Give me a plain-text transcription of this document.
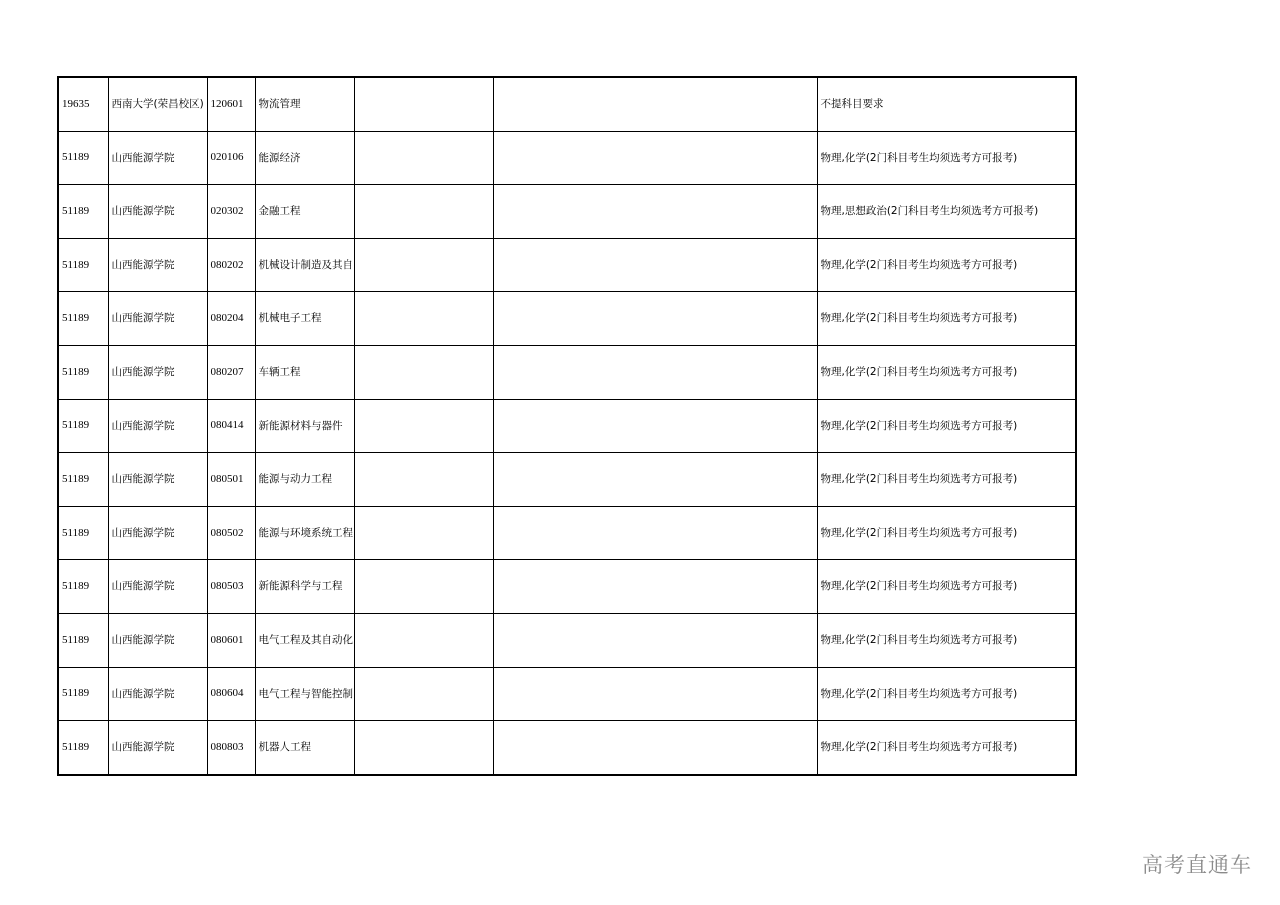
19635	西南大学(荣昌校区)	120601	物流管理			不提科目要求
51189	山西能源学院	020106	能源经济			物理,化学(2门科目考生均须选考方可报考)
51189	山西能源学院	020302	金融工程			物理,思想政治(2门科目考生均须选考方可报考)
51189	山西能源学院	080202	机械设计制造及其自			物理,化学(2门科目考生均须选考方可报考)
51189	山西能源学院	080204	机械电子工程			物理,化学(2门科目考生均须选考方可报考)
51189	山西能源学院	080207	车辆工程			物理,化学(2门科目考生均须选考方可报考)
51189	山西能源学院	080414	新能源材料与器件			物理,化学(2门科目考生均须选考方可报考)
51189	山西能源学院	080501	能源与动力工程			物理,化学(2门科目考生均须选考方可报考)
51189	山西能源学院	080502	能源与环境系统工程			物理,化学(2门科目考生均须选考方可报考)
51189	山西能源学院	080503	新能源科学与工程			物理,化学(2门科目考生均须选考方可报考)
51189	山西能源学院	080601	电气工程及其自动化			物理,化学(2门科目考生均须选考方可报考)
51189	山西能源学院	080604	电气工程与智能控制			物理,化学(2门科目考生均须选考方可报考)
51189	山西能源学院	080803	机器人工程			物理,化学(2门科目考生均须选考方可报考)
高考直通车
